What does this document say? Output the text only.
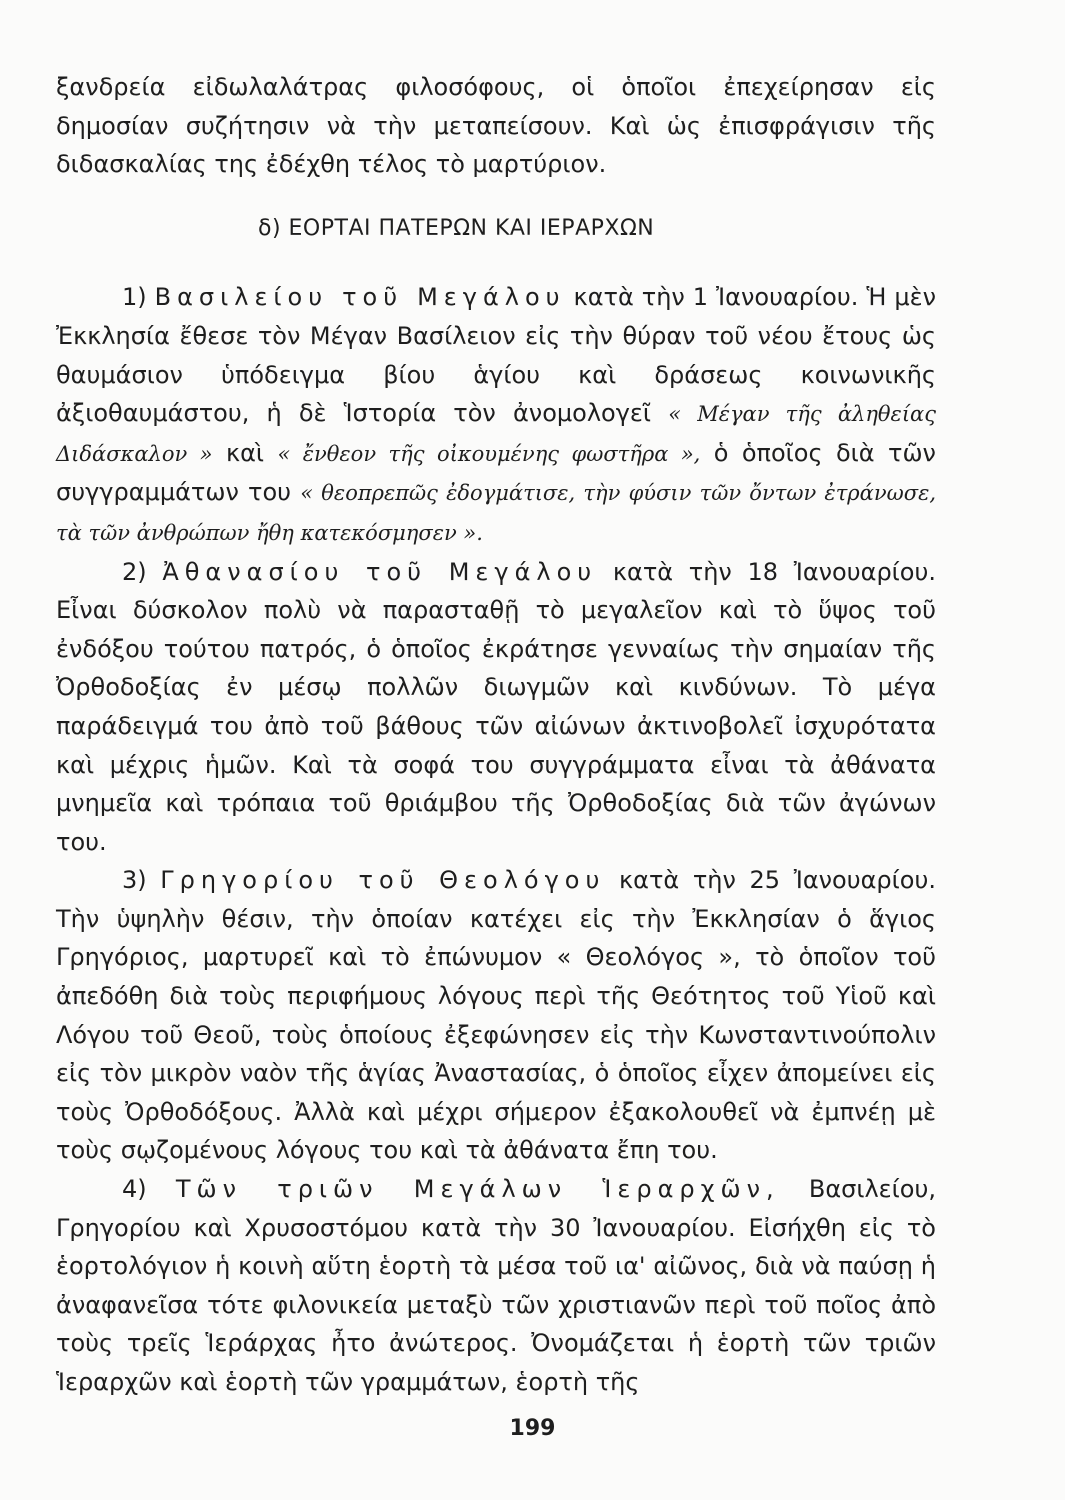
ξανδρεία εἰδωλαλάτρας φιλοσόφους, οἱ ὁποῖοι ἐπεχείρησαν εἰς δημοσίαν συζήτησιν νὰ τὴν μεταπείσουν. Καὶ ὡς ἐπισφράγισιν τῆς διδασκαλίας της ἐδέχθη τέλος τὸ μαρτύριον.

δ) ΕΟΡΤΑΙ ΠΑΤΕΡΩΝ ΚΑΙ ΙΕΡΑΡΧΩΝ

1) Βασιλείου τοῦ Μεγάλου κατὰ τὴν 1 Ἰανουαρίου. Ἡ μὲν Ἐκκλησία ἔθεσε τὸν Μέγαν Βασίλειον εἰς τὴν θύραν τοῦ νέου ἔτους ὡς θαυμάσιον ὑπόδειγμα βίου ἁγίου καὶ δράσεως κοινωνικῆς ἀξιοθαυμάστου, ἡ δὲ Ἱστορία τὸν ἀνομολογεῖ « Μέγαν τῆς ἀληθείας Διδάσκαλον » καὶ « ἔνθεον τῆς οἰκουμένης φωστῆρα », ὁ ὁποῖος διὰ τῶν συγγραμμάτων του « θεοπρεπῶς ἐδογμάτισε, τὴν φύσιν τῶν ὄντων ἐτράνωσε, τὰ τῶν ἀνθρώπων ἤθη κατεκόσμησεν ».

2) Ἀθανασίου τοῦ Μεγάλου κατὰ τὴν 18 Ἰανουαρίου. Εἶναι δύσκολον πολὺ νὰ παρασταθῇ τὸ μεγαλεῖον καὶ τὸ ὕψος τοῦ ἐνδόξου τούτου πατρός, ὁ ὁποῖος ἐκράτησε γενναίως τὴν σημαίαν τῆς Ὀρθοδοξίας ἐν μέσῳ πολλῶν διωγμῶν καὶ κινδύνων. Τὸ μέγα παράδειγμά του ἀπὸ τοῦ βάθους τῶν αἰώνων ἀκτινοβολεῖ ἰσχυρότατα καὶ μέχρις ἡμῶν. Καὶ τὰ σοφά του συγγράμματα εἶναι τὰ ἀθάνατα μνημεῖα καὶ τρόπαια τοῦ θριάμβου τῆς Ὀρθοδοξίας διὰ τῶν ἀγώνων του.

3) Γρηγορίου τοῦ Θεολόγου κατὰ τὴν 25 Ἰανουαρίου. Τὴν ὑψηλὴν θέσιν, τὴν ὁποίαν κατέχει εἰς τὴν Ἐκκλησίαν ὁ ἅγιος Γρηγόριος, μαρτυρεῖ καὶ τὸ ἐπώνυμον « Θεολόγος », τὸ ὁποῖον τοῦ ἀπεδόθη διὰ τοὺς περιφήμους λόγους περὶ τῆς Θεότητος τοῦ Υἱοῦ καὶ Λόγου τοῦ Θεοῦ, τοὺς ὁποίους ἐξεφώνησεν εἰς τὴν Κωνσταντινούπολιν εἰς τὸν μικρὸν ναὸν τῆς ἁγίας Ἀναστασίας, ὁ ὁποῖος εἶχεν ἀπομείνει εἰς τοὺς Ὀρθοδόξους. Ἀλλὰ καὶ μέχρι σήμερον ἐξακολουθεῖ νὰ ἐμπνέῃ μὲ τοὺς σῳζομένους λόγους του καὶ τὰ ἀθάνατα ἔπη του.

4) Τῶν τριῶν Μεγάλων Ἱεραρχῶν, Βασιλείου, Γρηγορίου καὶ Χρυσοστόμου κατὰ τὴν 30 Ἰανουαρίου. Εἰσήχθη εἰς τὸ ἑορτολόγιον ἡ κοινὴ αὕτη ἑορτὴ τὰ μέσα τοῦ ια' αἰῶνος, διὰ νὰ παύσῃ ἡ ἀναφανεῖσα τότε φιλονικεία μεταξὺ τῶν χριστιανῶν περὶ τοῦ ποῖος ἀπὸ τοὺς τρεῖς Ἱεράρχας ἦτο ἀνώτερος. Ὀνομάζεται ἡ ἑορτὴ τῶν τριῶν Ἱεραρχῶν καὶ ἑορτὴ τῶν γραμμάτων, ἑορτὴ τῆς

199
